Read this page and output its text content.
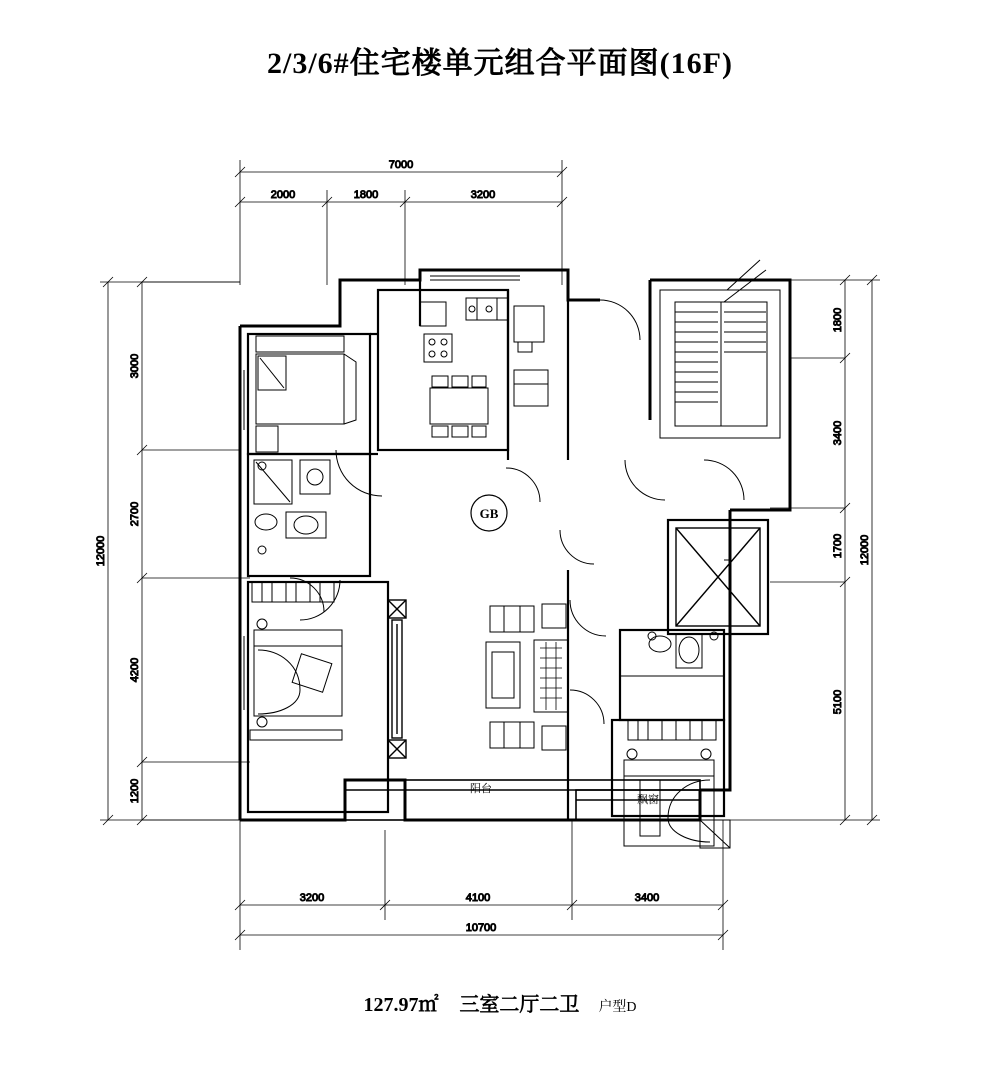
2/3/6#住宅楼单元组合平面图(16F)
7000
2000	1800	3200
12000
3000
2700
4200
1200
1800
3400
1700
5100
12000
3200	4100	3400
10700
GB
阳台
飘窗
127.97㎡ 三室二厅二卫 户型D
